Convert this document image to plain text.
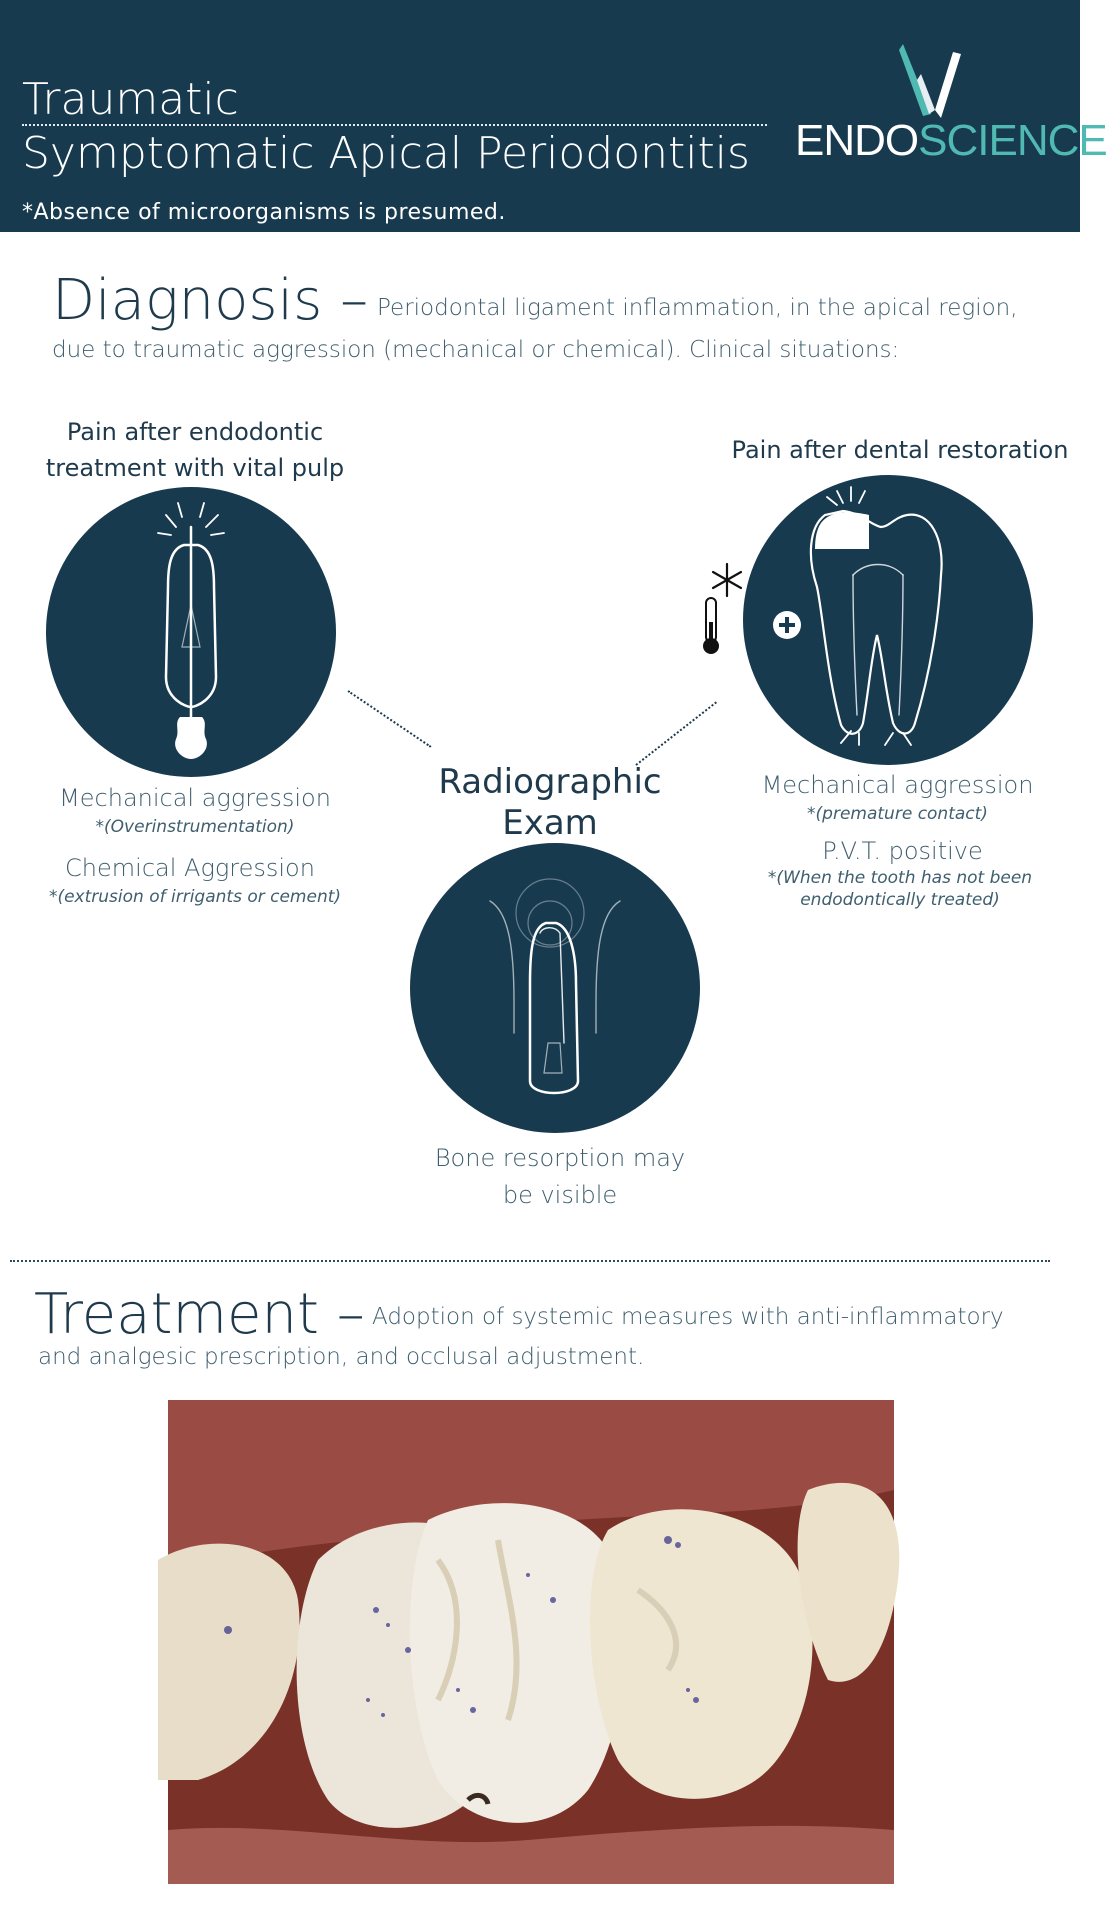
Traumatic
Symptomatic Apical Periodontitis
*Absence of microorganisms is presumed.
ENDOSCIENCE
Diagnosis – Periodontal ligament inflammation, in the apical region,
due to traumatic aggression (mechanical or chemical). Clinical situations:
Pain after endodontic
treatment with vital pulp
Mechanical aggression
*(Overinstrumentation)
Chemical Aggression
*(extrusion of irrigants or cement)
Pain after dental restoration
Mechanical aggression
*(premature contact)
P.V.T. positive
*(When the tooth has not been
endodontically treated)
Radiographic
Exam
Bone resorption may
be visible
Treatment – Adoption of systemic measures with anti-inflammatory
and analgesic prescription, and occlusal adjustment.
